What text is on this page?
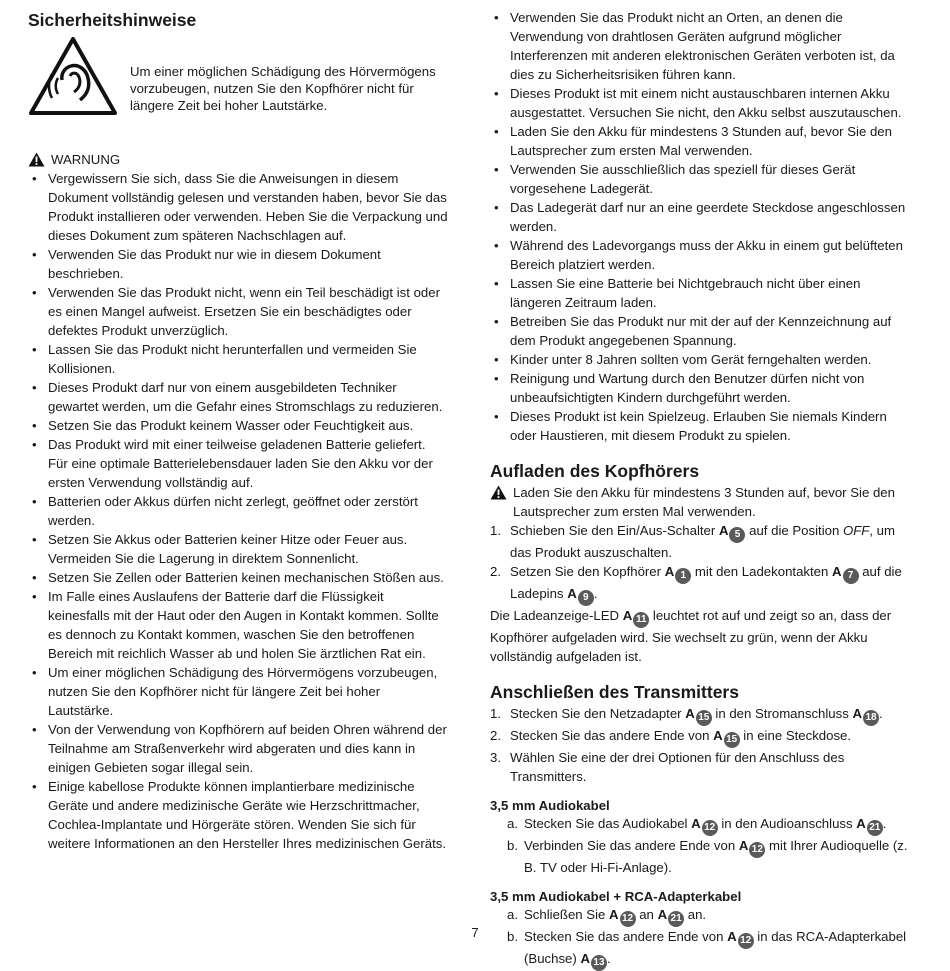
Sicherheitshinweise
Um einer möglichen Schädigung des Hörvermögens vorzubeugen, nutzen Sie den Kopfhörer nicht für längere Zeit bei hoher Lautstärke.
WARNUNG
• Vergewissern Sie sich, dass Sie die Anweisungen in diesem Dokument vollständig gelesen und verstanden haben, bevor Sie das Produkt installieren oder verwenden. Heben Sie die Verpackung und dieses Dokument zum späteren Nachschlagen auf.
• Verwenden Sie das Produkt nur wie in diesem Dokument beschrieben.
• Verwenden Sie das Produkt nicht, wenn ein Teil beschädigt ist oder es einen Mangel aufweist. Ersetzen Sie ein beschädigtes oder defektes Produkt unverzüglich.
• Lassen Sie das Produkt nicht herunterfallen und vermeiden Sie Kollisionen.
• Dieses Produkt darf nur von einem ausgebildeten Techniker gewartet werden, um die Gefahr eines Stromschlags zu reduzieren.
• Setzen Sie das Produkt keinem Wasser oder Feuchtigkeit aus.
• Das Produkt wird mit einer teilweise geladenen Batterie geliefert. Für eine optimale Batterielebensdauer laden Sie den Akku vor der ersten Verwendung vollständig auf.
• Batterien oder Akkus dürfen nicht zerlegt, geöffnet oder zerstört werden.
• Setzen Sie Akkus oder Batterien keiner Hitze oder Feuer aus. Vermeiden Sie die Lagerung in direktem Sonnenlicht.
• Setzen Sie Zellen oder Batterien keinen mechanischen Stößen aus.
• Im Falle eines Auslaufens der Batterie darf die Flüssigkeit keinesfalls mit der Haut oder den Augen in Kontakt kommen. Sollte es dennoch zu Kontakt kommen, waschen Sie den betroffenen Bereich mit reichlich Wasser ab und holen Sie ärztlichen Rat ein.
• Um einer möglichen Schädigung des Hörvermögens vorzubeugen, nutzen Sie den Kopfhörer nicht für längere Zeit bei hoher Lautstärke.
• Von der Verwendung von Kopfhörern auf beiden Ohren während der Teilnahme am Straßenverkehr wird abgeraten und dies kann in einigen Gebieten sogar illegal sein.
• Einige kabellose Produkte können implantierbare medizinische Geräte und andere medizinische Geräte wie Herzschrittmacher, Cochlea-Implantate und Hörgeräte stören. Wenden Sie sich für weitere Informationen an den Hersteller Ihres medizinischen Geräts.
• Verwenden Sie das Produkt nicht an Orten, an denen die Verwendung von drahtlosen Geräten aufgrund möglicher Interferenzen mit anderen elektronischen Geräten verboten ist, da dies zu Sicherheitsrisiken führen kann.
• Dieses Produkt ist mit einem nicht austauschbaren internen Akku ausgestattet. Versuchen Sie nicht, den Akku selbst auszutauschen.
• Laden Sie den Akku für mindestens 3 Stunden auf, bevor Sie den Lautsprecher zum ersten Mal verwenden.
• Verwenden Sie ausschließlich das speziell für dieses Gerät vorgesehene Ladegerät.
• Das Ladegerät darf nur an eine geerdete Steckdose angeschlossen werden.
• Während des Ladevorgangs muss der Akku in einem gut belüfteten Bereich platziert werden.
• Lassen Sie eine Batterie bei Nichtgebrauch nicht über einen längeren Zeitraum laden.
• Betreiben Sie das Produkt nur mit der auf der Kennzeichnung auf dem Produkt angegebenen Spannung.
• Kinder unter 8 Jahren sollten vom Gerät ferngehalten werden.
• Reinigung und Wartung durch den Benutzer dürfen nicht von unbeaufsichtigten Kindern durchgeführt werden.
• Dieses Produkt ist kein Spielzeug. Erlauben Sie niemals Kindern oder Haustieren, mit diesem Produkt zu spielen.
Aufladen des Kopfhörers
Laden Sie den Akku für mindestens 3 Stunden auf, bevor Sie den Lautsprecher zum ersten Mal verwenden.
1. Schieben Sie den Ein/Aus-Schalter A 5 auf die Position OFF, um das Produkt auszuschalten.
2. Setzen Sie den Kopfhörer A 1 mit den Ladekontakten A 7 auf die Ladepins A 9 .
Die Ladeanzeige-LED A 11 leuchtet rot auf und zeigt so an, dass der Kopfhörer aufgeladen wird. Sie wechselt zu grün, wenn der Akku vollständig aufgeladen ist.
Anschließen des Transmitters
1. Stecken Sie den Netzadapter A 15 in den Stromanschluss A 18 .
2. Stecken Sie das andere Ende von A 15 in eine Steckdose.
3. Wählen Sie eine der drei Optionen für den Anschluss des Transmitters.
3,5 mm Audiokabel
a. Stecken Sie das Audiokabel A 12 in den Audioanschluss A 21 .
b. Verbinden Sie das andere Ende von A 12 mit Ihrer Audioquelle (z. B. TV oder Hi-Fi-Anlage).
3,5 mm Audiokabel + RCA-Adapterkabel
a. Schließen Sie A 12 an A 21 an.
b. Stecken Sie das andere Ende von A 12 in das RCA-Adapterkabel (Buchse) A 13 .
7
